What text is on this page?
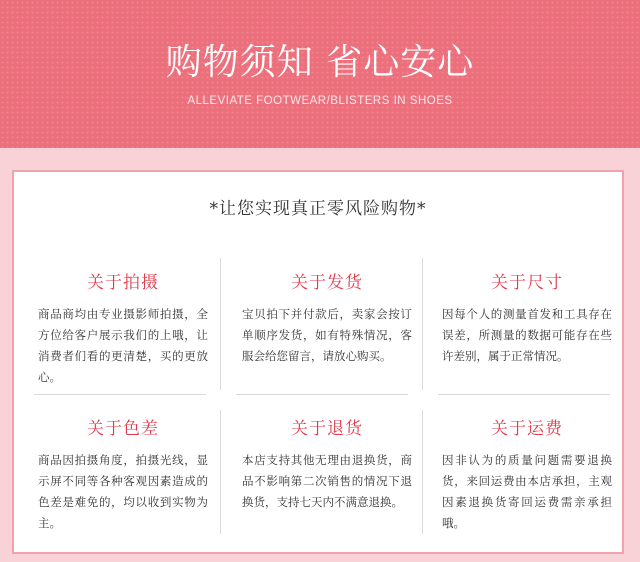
购物须知 省心安心
ALLEVIATE FOOTWEAR/BLISTERS IN SHOES
*让您实现真正零风险购物*
关于拍摄
商品商均由专业摄影师拍摄，全方位给客户展示我们的上哦，让消费者们看的更清楚，买的更放心。
关于发货
宝贝拍下并付款后，卖家会按订单顺序发货，如有特殊情况，客服会给您留言，请放心购买。
关于尺寸
因每个人的测量首发和工具存在误差，所测量的数据可能存在些许差别，属于正常情况。
关于色差
商品因拍摄角度，拍摄光线，显示屏不同等各种客观因素造成的色差是难免的，均以收到实物为主。
关于退货
本店支持其他无理由退换货，商品不影响第二次销售的情况下退换货，支持七天内不满意退换。
关于运费
因非认为的质量问题需要退换货，来回运费由本店承担，主观因素退换货寄回运费需亲承担哦。
